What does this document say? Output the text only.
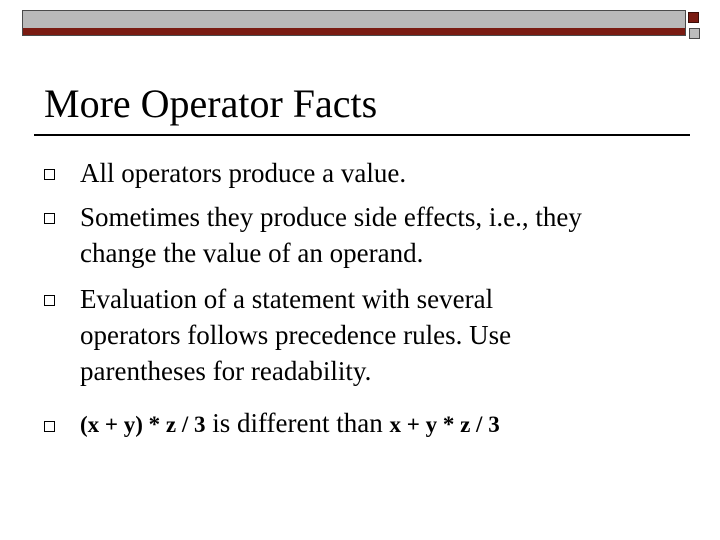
More Operator Facts
All operators produce a value.
Sometimes they produce side effects, i.e., they
change the value of an operand.
Evaluation of a statement with several
operators follows precedence rules. Use
parentheses for readability.
(x + y) * z / 3 is different than x + y * z / 3
